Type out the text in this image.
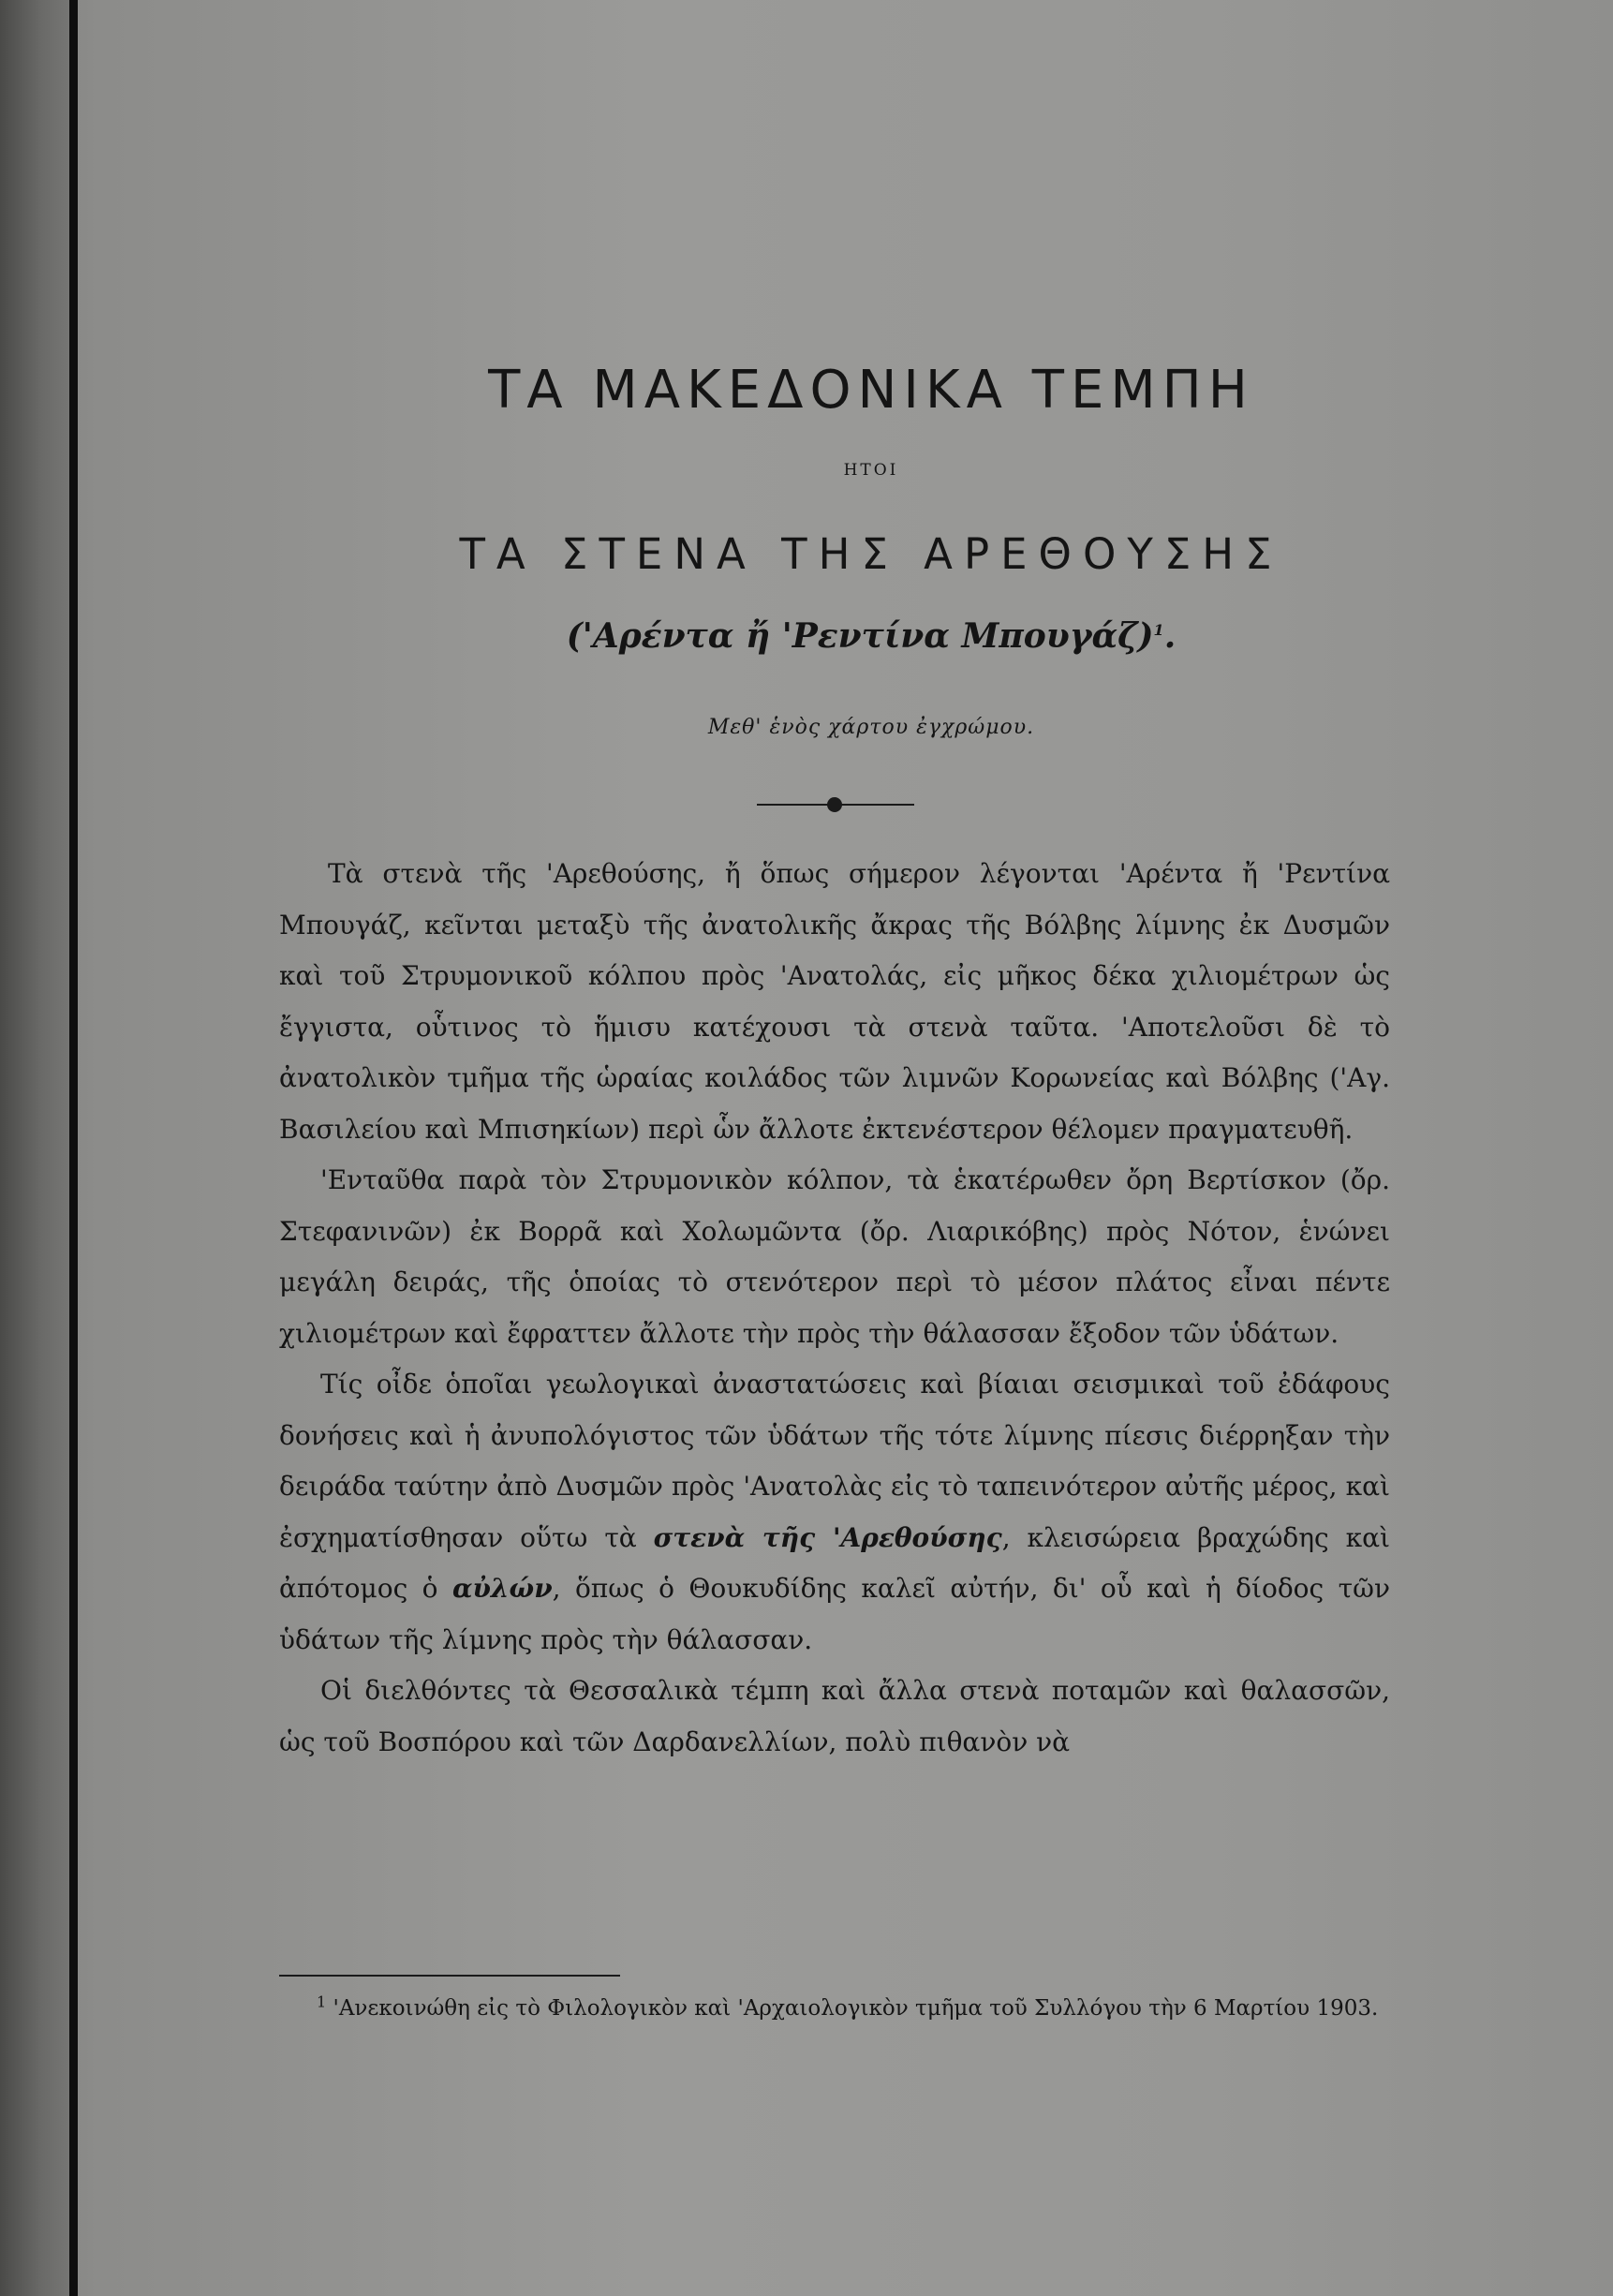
ΤΑ ΜΑΚΕΔΟΝΙΚΑ ΤΕΜΠΗ
ΗΤΟΙ
ΤΑ ΣΤΕΝΑ ΤΗΣ ΑΡΕΘΟΥΣΗΣ
('Αρέντα ἤ 'Ρεντίνα Μπουγάζ)$^1$.
Μεθ' ἑνὸς χάρτου ἐγχρώμου.

Τὰ στενὰ τῆς 'Αρεθούσης, ἤ ὅπως σήμερον λέγονται 'Αρέντα ἤ 'Ρεντίνα Μπουγάζ, κεῖνται μεταξὺ τῆς ἀνατολικῆς ἄκρας τῆς Βόλβης λίμνης ἐκ Δυσμῶν καὶ τοῦ Στρυμονικοῦ κόλπου πρὸς 'Ανατολάς, εἰς μῆκος δέκα χιλιομέτρων ὡς ἔγγιστα, οὗτινος τὸ ἥμισυ κατέχουσι τὰ στενὰ ταῦτα. 'Αποτελοῦσι δὲ τὸ ἀνατολικὸν τμῆμα τῆς ὡραίας κοιλάδος τῶν λιμνῶν Κορωνείας καὶ Βόλβης ('Αγ. Βασιλείου καὶ Μπισηκίων) περὶ ὧν ἄλλοτε ἐκτενέστερον θέλομεν πραγματευθῆ.

'Ενταῦθα παρὰ τὸν Στρυμονικὸν κόλπον, τὰ ἑκατέρωθεν ὄρη Βερτίσκον (ὄρ. Στεφανινῶν) ἐκ Βορρᾶ καὶ Χολωμῶντα (ὄρ. Λιαρικόβης) πρὸς Νότον, ἑνώνει μεγάλη δειράς, τῆς ὁποίας τὸ στενότερον περὶ τὸ μέσον πλάτος εἶναι πέντε χιλιομέτρων καὶ ἔφραττεν ἄλλοτε τὴν πρὸς τὴν θάλασσαν ἔξοδον τῶν ὑδάτων.

Τίς οἶδε ὁποῖαι γεωλογικαὶ ἀναστατώσεις καὶ βίαιαι σεισμικαὶ τοῦ ἐδάφους δονήσεις καὶ ἡ ἀνυπολόγιστος τῶν ὑδάτων τῆς τότε λίμνης πίεσις διέρρηξαν τὴν δειράδα ταύτην ἀπὸ Δυσμῶν πρὸς 'Ανατολὰς εἰς τὸ ταπεινότερον αὐτῆς μέρος, καὶ ἐσχηματίσθησαν οὕτω τὰ στενὰ τῆς 'Αρεθούσης, κλεισώρεια βραχώδης καὶ ἀπότομος ὁ αὐλών, ὅπως ὁ Θουκυδίδης καλεῖ αὐτήν, δι' οὗ καὶ ἡ δίοδος τῶν ὑδάτων τῆς λίμνης πρὸς τὴν θάλασσαν.

Οἱ διελθόντες τὰ Θεσσαλικὰ τέμπη καὶ ἄλλα στενὰ ποταμῶν καὶ θαλασσῶν, ὡς τοῦ Βοσπόρου καὶ τῶν Δαρδανελλίων, πολὺ πιθανὸν νὰ

$^1$ 'Ανεκοινώθη εἰς τὸ Φιλολογικὸν καὶ 'Αρχαιολογικὸν τμῆμα τοῦ Συλλόγου τὴν 6 Μαρτίου 1903.
